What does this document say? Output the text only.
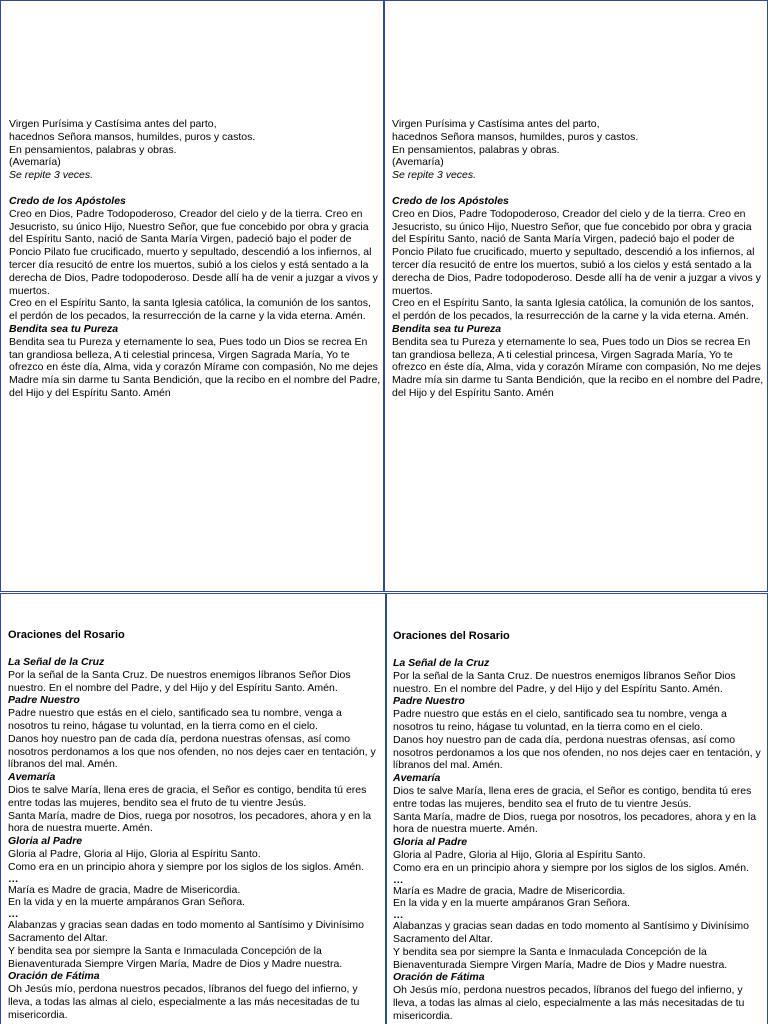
Virgen Purísima y Castísima antes del parto,

hacednos Señora mansos, humildes, puros y castos.

En pensamientos, palabras y obras.

(Avemaría)

Se repite 3 veces.

Credo de los Apóstoles

Creo en Dios, Padre Todopoderoso, Creador del cielo y de la tierra. Creo en Jesucristo, su único Hijo, Nuestro Señor, que fue concebido por obra y gracia del Espíritu Santo, nació de Santa María Virgen, padeció bajo el poder de Poncio Pilato fue crucificado, muerto y sepultado, descendió a los infiernos, al tercer día resucitó de entre los muertos, subió a los cielos y está sentado a la derecha de Dios, Padre todopoderoso. Desde allí ha de venir a juzgar a vivos y muertos.

Creo en el Espíritu Santo, la santa Iglesia católica, la comunión de los santos, el perdón de los pecados, la resurrección de la carne y la vida eterna. Amén.

Bendita sea tu Pureza

Bendita sea tu Pureza y eternamente lo sea, Pues todo un Dios se recrea En tan grandiosa belleza, A ti celestial princesa, Virgen Sagrada María, Yo te ofrezco en éste día, Alma, vida y corazón Mírame con compasión, No me dejes Madre mía sin darme tu Santa Bendición, que la recibo en el nombre del Padre, del Hijo y del Espíritu Santo. Amén

Virgen Purísima y Castísima antes del parto,

hacednos Señora mansos, humildes, puros y castos.

En pensamientos, palabras y obras.

(Avemaría)

Se repite 3 veces.

Credo de los Apóstoles

Creo en Dios, Padre Todopoderoso, Creador del cielo y de la tierra. Creo en Jesucristo, su único Hijo, Nuestro Señor, que fue concebido por obra y gracia del Espíritu Santo, nació de Santa María Virgen, padeció bajo el poder de Poncio Pilato fue crucificado, muerto y sepultado, descendió a los infiernos, al tercer día resucitó de entre los muertos, subió a los cielos y está sentado a la derecha de Dios, Padre todopoderoso. Desde allí ha de venir a juzgar a vivos y muertos.

Creo en el Espíritu Santo, la santa Iglesia católica, la comunión de los santos, el perdón de los pecados, la resurrección de la carne y la vida eterna. Amén.

Bendita sea tu Pureza

Bendita sea tu Pureza y eternamente lo sea, Pues todo un Dios se recrea En tan grandiosa belleza, A ti celestial princesa, Virgen Sagrada María, Yo te ofrezco en éste día, Alma, vida y corazón Mírame con compasión, No me dejes Madre mía sin darme tu Santa Bendición, que la recibo en el nombre del Padre, del Hijo y del Espíritu Santo. Amén

Oraciones del Rosario

La Señal de la Cruz

Por la señal de la Santa Cruz. De nuestros enemigos líbranos Señor Dios nuestro. En el nombre del Padre, y del Hijo y del Espíritu Santo. Amén.

Padre Nuestro

Padre nuestro que estás en el cielo, santificado sea tu nombre, venga a nosotros tu reino, hágase tu voluntad, en la tierra como en el cielo.

Danos hoy nuestro pan de cada día, perdona nuestras ofensas, así como nosotros perdonamos a los que nos ofenden, no nos dejes caer en tentación, y líbranos del mal. Amén.

Avemaría

Dios te salve María, llena eres de gracia, el Señor es contigo, bendita tú eres entre todas las mujeres, bendito sea el fruto de tu vientre Jesús.

Santa María, madre de Dios, ruega por nosotros, los pecadores, ahora y en la hora de nuestra muerte. Amén.

Gloria al Padre

Gloria al Padre, Gloria al Hijo, Gloria al Espíritu Santo.

Como era en un principio ahora y siempre por los siglos de los siglos. Amén.

…

María es Madre de gracia, Madre de Misericordia.

En la vida y en la muerte ampáranos Gran Señora.

…

Alabanzas y gracias sean dadas en todo momento al Santísimo y Divinísimo Sacramento del Altar.

Y bendita sea por siempre la Santa e Inmaculada Concepción de la Bienaventurada Siempre Virgen María, Madre de Dios y Madre nuestra.

Oración de Fátima

Oh Jesús mío, perdona nuestros pecados, líbranos del fuego del infierno, y lleva, a todas las almas al cielo, especialmente a las más necesitadas de tu misericordia.

Oraciones del Rosario

La Señal de la Cruz

Por la señal de la Santa Cruz. De nuestros enemigos líbranos Señor Dios nuestro. En el nombre del Padre, y del Hijo y del Espíritu Santo. Amén.

Padre Nuestro

Padre nuestro que estás en el cielo, santificado sea tu nombre, venga a nosotros tu reino, hágase tu voluntad, en la tierra como en el cielo.

Danos hoy nuestro pan de cada día, perdona nuestras ofensas, así como nosotros perdonamos a los que nos ofenden, no nos dejes caer en tentación, y líbranos del mal. Amén.

Avemaría

Dios te salve María, llena eres de gracia, el Señor es contigo, bendita tú eres entre todas las mujeres, bendito sea el fruto de tu vientre Jesús.

Santa María, madre de Dios, ruega por nosotros, los pecadores, ahora y en la hora de nuestra muerte. Amén.

Gloria al Padre

Gloria al Padre, Gloria al Hijo, Gloria al Espíritu Santo.

Como era en un principio ahora y siempre por los siglos de los siglos. Amén.

…

María es Madre de gracia, Madre de Misericordia.

En la vida y en la muerte ampáranos Gran Señora.

…

Alabanzas y gracias sean dadas en todo momento al Santísimo y Divinísimo Sacramento del Altar.

Y bendita sea por siempre la Santa e Inmaculada Concepción de la Bienaventurada Siempre Virgen María, Madre de Dios y Madre nuestra.

Oración de Fátima

Oh Jesús mío, perdona nuestros pecados, líbranos del fuego del infierno, y lleva, a todas las almas al cielo, especialmente a las más necesitadas de tu misericordia.
